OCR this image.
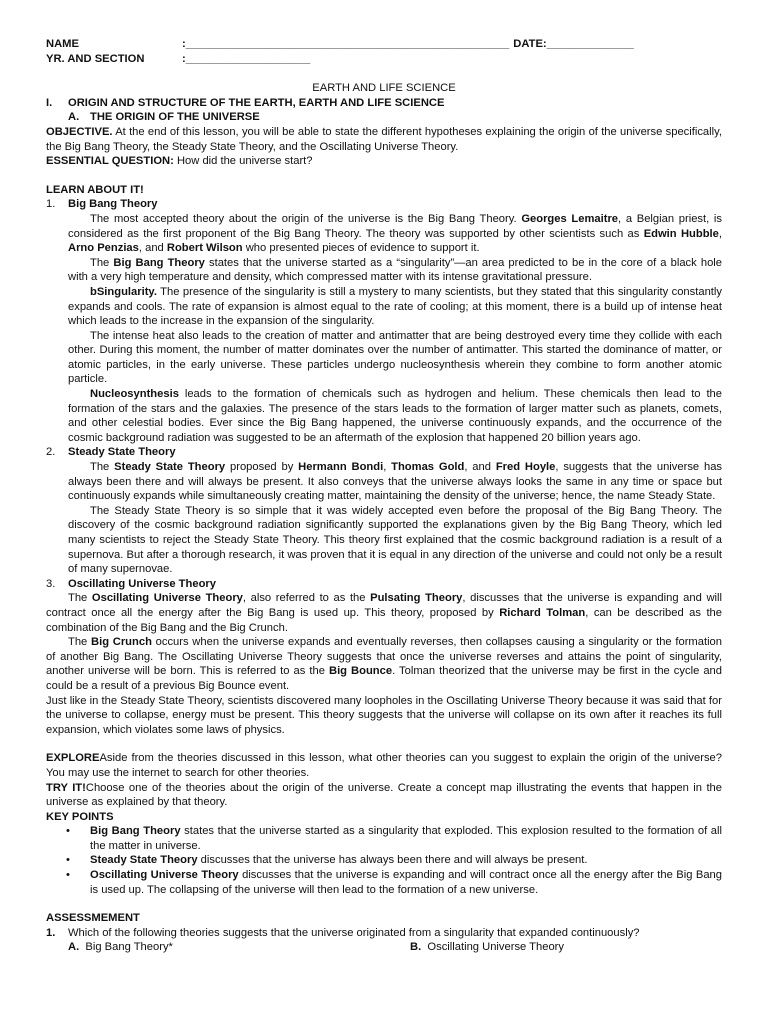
NAME	:____________________________________________________ DATE:______________
YR. AND SECTION	:____________________
EARTH AND LIFE SCIENCE
I. ORIGIN AND STRUCTURE OF THE EARTH, EARTH AND LIFE SCIENCE
A. THE ORIGIN OF THE UNIVERSE
OBJECTIVE. At the end of this lesson, you will be able to state the different hypotheses explaining the origin of the universe specifically, the Big Bang Theory, the Steady State Theory, and the Oscillating Universe Theory.
ESSENTIAL QUESTION: How did the universe start?
LEARN ABOUT IT!
1. Big Bang Theory
The most accepted theory about the origin of the universe is the Big Bang Theory. Georges Lemaitre, a Belgian priest, is considered as the first proponent of the Big Bang Theory. The theory was supported by other scientists such as Edwin Hubble, Arno Penzias, and Robert Wilson who presented pieces of evidence to support it.
The Big Bang Theory states that the universe started as a “singularity”—an area predicted to be in the core of a black hole with a very high temperature and density, which compressed matter with its intense gravitational pressure.
bSingularity. The presence of the singularity is still a mystery to many scientists, but they stated that this singularity constantly expands and cools. The rate of expansion is almost equal to the rate of cooling; at this moment, there is a build up of intense heat which leads to the increase in the expansion of the singularity.
The intense heat also leads to the creation of matter and antimatter that are being destroyed every time they collide with each other. During this moment, the number of matter dominates over the number of antimatter. This started the dominance of matter, or atomic particles, in the early universe. These particles undergo nucleosynthesis wherein they combine to form another atomic particle.
Nucleosynthesis leads to the formation of chemicals such as hydrogen and helium. These chemicals then lead to the formation of the stars and the galaxies. The presence of the stars leads to the formation of larger matter such as planets, comets, and other celestial bodies. Ever since the Big Bang happened, the universe continuously expands, and the occurrence of the cosmic background radiation was suggested to be an aftermath of the explosion that happened 20 billion years ago.
2. Steady State Theory
The Steady State Theory proposed by Hermann Bondi, Thomas Gold, and Fred Hoyle, suggests that the universe has always been there and will always be present. It also conveys that the universe always looks the same in any time or space but continuously expands while simultaneously creating matter, maintaining the density of the universe; hence, the name Steady State.
The Steady State Theory is so simple that it was widely accepted even before the proposal of the Big Bang Theory. The discovery of the cosmic background radiation significantly supported the explanations given by the Big Bang Theory, which led many scientists to reject the Steady State Theory. This theory first explained that the cosmic background radiation is a result of a supernova. But after a thorough research, it was proven that it is equal in any direction of the universe and could not only be a result of many supernovae.
3. Oscillating Universe Theory
The Oscillating Universe Theory, also referred to as the Pulsating Theory, discusses that the universe is expanding and will contract once all the energy after the Big Bang is used up. This theory, proposed by Richard Tolman, can be described as the combination of the Big Bang and the Big Crunch.
The Big Crunch occurs when the universe expands and eventually reverses, then collapses causing a singularity or the formation of another Big Bang. The Oscillating Universe Theory suggests that once the universe reverses and attains the point of singularity, another universe will be born. This is referred to as the Big Bounce. Tolman theorized that the universe may be first in the cycle and could be a result of a previous Big Bounce event.
Just like in the Steady State Theory, scientists discovered many loopholes in the Oscillating Universe Theory because it was said that for the universe to collapse, energy must be present. This theory suggests that the universe will collapse on its own after it reaches its full expansion, which violates some laws of physics.
EXPLOREAside from the theories discussed in this lesson, what other theories can you suggest to explain the origin of the universe? You may use the internet to search for other theories.
TRY IT!Choose one of the theories about the origin of the universe. Create a concept map illustrating the events that happen in the universe as explained by that theory.
KEY POINTS
•	Big Bang Theory states that the universe started as a singularity that exploded. This explosion resulted to the formation of all the matter in universe.
•	Steady State Theory discusses that the universe has always been there and will always be present.
•	Oscillating Universe Theory discusses that the universe is expanding and will contract once all the energy after the Big Bang is used up. The collapsing of the universe will then lead to the formation of a new universe.
ASSESSMEMENT
1. Which of the following theories suggests that the universe originated from a singularity that expanded continuously?
A. Big Bang Theory*	B. Oscillating Universe Theory
